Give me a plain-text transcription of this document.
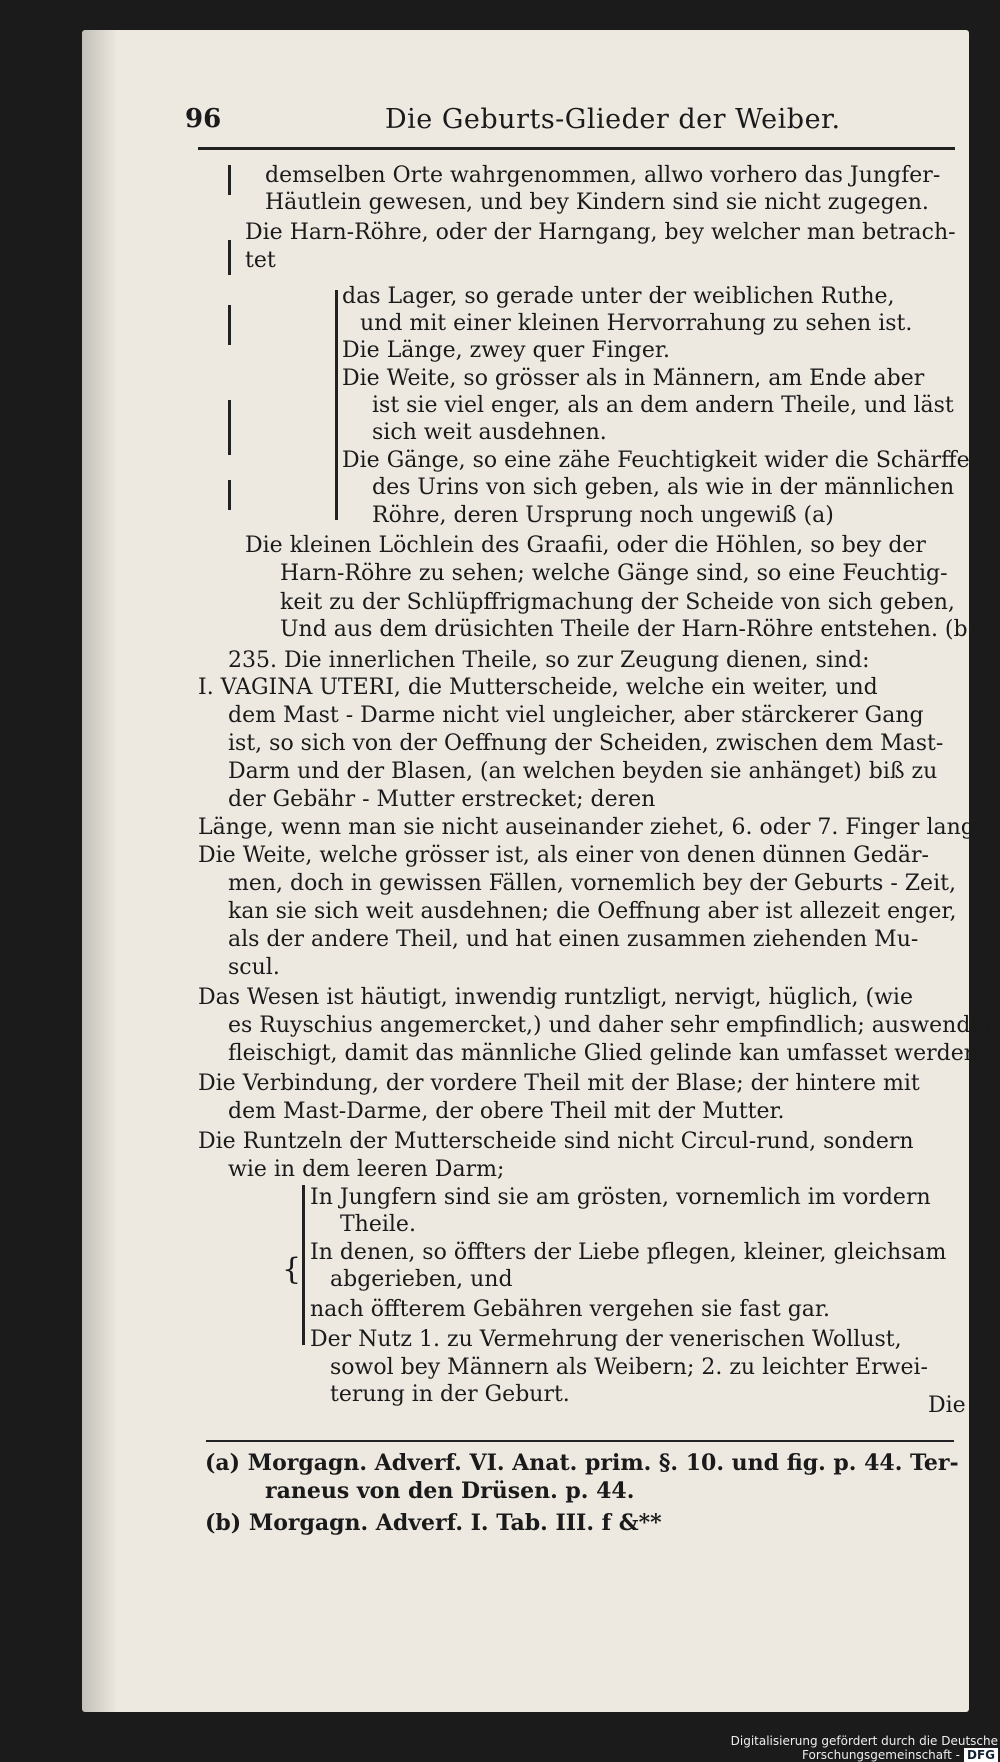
96	Die Geburts-Glieder der Weiber.
{
demselben Orte wahrgenommen, allwo vorhero das Jungfer-
Häutlein gewesen, und bey Kindern sind sie nicht zugegen.
Die Harn-Röhre, oder der Harngang, bey welcher man betrach-
tet
das Lager, so gerade unter der weiblichen Ruthe,
und mit einer kleinen Hervorrahung zu sehen ist.
Die Länge, zwey quer Finger.
Die Weite, so grösser als in Männern, am Ende aber
ist sie viel enger, als an dem andern Theile, und läst
sich weit ausdehnen.
Die Gänge, so eine zähe Feuchtigkeit wider die Schärffe
des Urins von sich geben, als wie in der männlichen
Röhre, deren Ursprung noch ungewiß (a)
Die kleinen Löchlein des Graafii, oder die Höhlen, so bey der
Harn-Röhre zu sehen; welche Gänge sind, so eine Feuchtig-
keit zu der Schlüpffrigmachung der Scheide von sich geben,
Und aus dem drüsichten Theile der Harn-Röhre entstehen. (b)
235. Die innerlichen Theile, so zur Zeugung dienen, sind:
I. VAGINA UTERI, die Mutterscheide, welche ein weiter, und
dem Mast - Darme nicht viel ungleicher, aber stärckerer Gang
ist, so sich von der Oeffnung der Scheiden, zwischen dem Mast-
Darm und der Blasen, (an welchen beyden sie anhänget) biß zu
der Gebähr - Mutter erstrecket; deren
Länge, wenn man sie nicht auseinander ziehet, 6. oder 7. Finger lang.
Die Weite, welche grösser ist, als einer von denen dünnen Gedär-
men, doch in gewissen Fällen, vornemlich bey der Geburts - Zeit,
kan sie sich weit ausdehnen; die Oeffnung aber ist allezeit enger,
als der andere Theil, und hat einen zusammen ziehenden Mu-
scul.
Das Wesen ist häutigt, inwendig runtzligt, nervigt, hüglich, (wie
es Ruyschius angemercket,) und daher sehr empfindlich; auswendig
fleischigt, damit das männliche Glied gelinde kan umfasset werden.
Die Verbindung, der vordere Theil mit der Blase; der hintere mit
dem Mast-Darme, der obere Theil mit der Mutter.
Die Runtzeln der Mutterscheide sind nicht Circul-rund, sondern
wie in dem leeren Darm;
In Jungfern sind sie am grösten, vornemlich im vordern
Theile.
In denen, so öffters der Liebe pflegen, kleiner, gleichsam
abgerieben, und
nach öffterem Gebähren vergehen sie fast gar.
Der Nutz 1. zu Vermehrung der venerischen Wollust,
sowol bey Männern als Weibern; 2. zu leichter Erwei-
terung in der Geburt.	Die
(a) Morgagn. Adverf. VI. Anat. prim. §. 10. und fig. p. 44. Ter-
raneus von den Drüsen. p. 44.
(b) Morgagn. Adverf. I. Tab. III. f &**
Digitalisierung gefördert durch die Deutsche Forschungsgemeinschaft - DFG
